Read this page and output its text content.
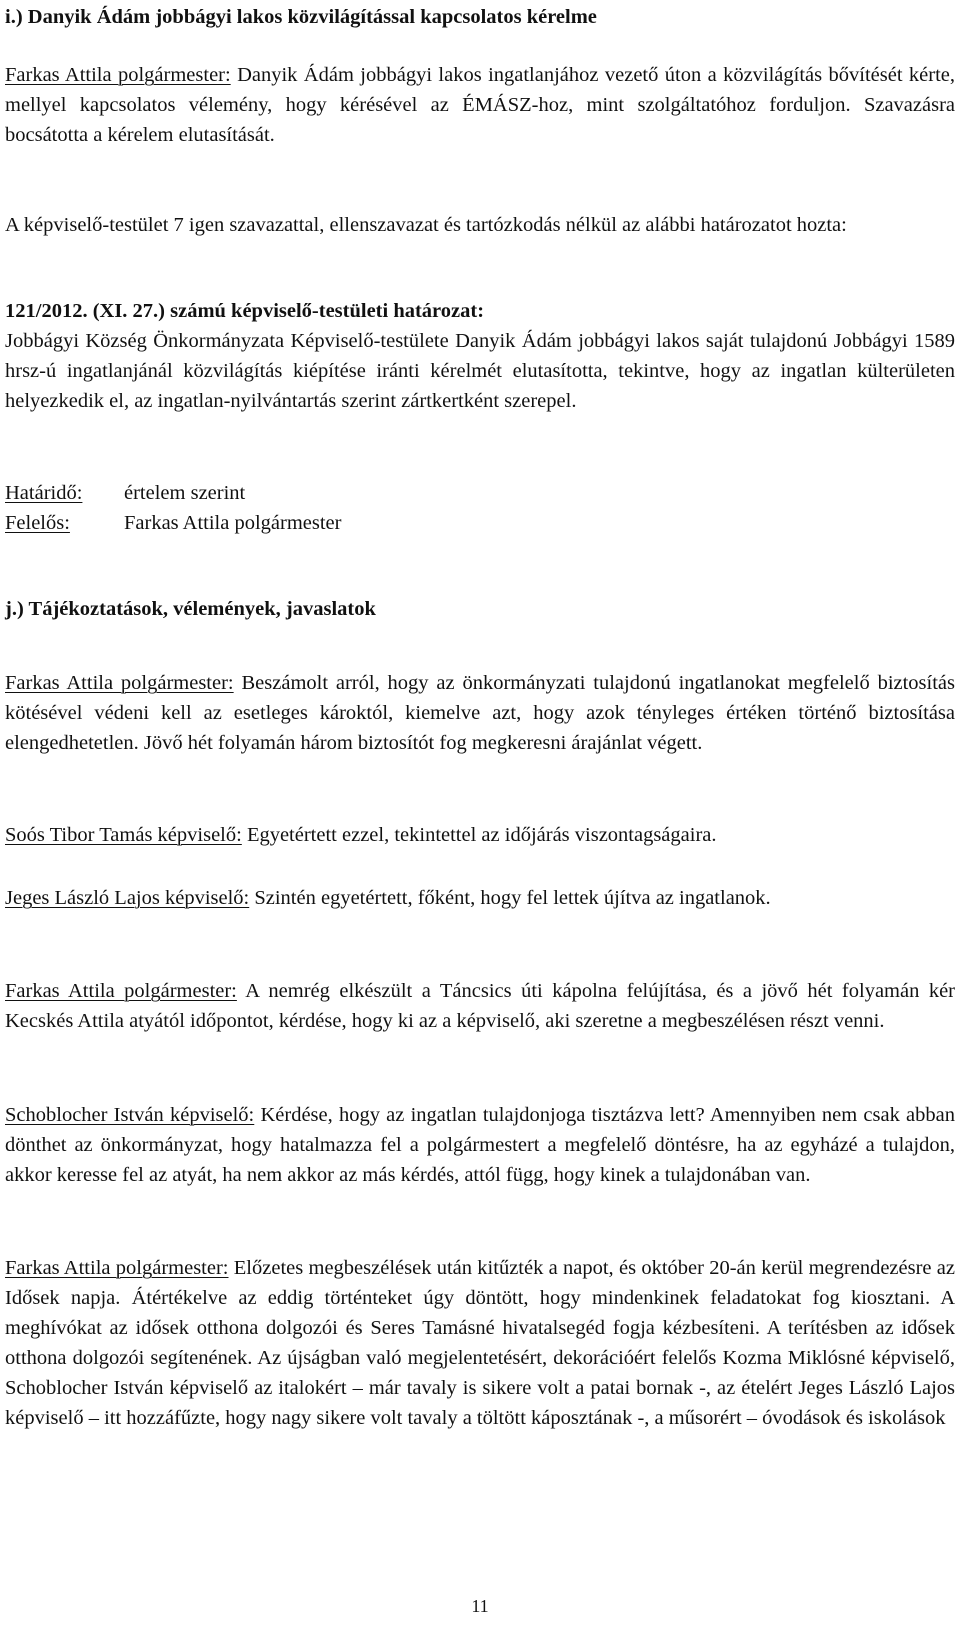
i.) Danyik Ádám jobbágyi lakos közvilágítással kapcsolatos kérelme
Farkas Attila polgármester: Danyik Ádám jobbágyi lakos ingatlanjához vezető úton a közvilágítás bővítését kérte, mellyel kapcsolatos vélemény, hogy kérésével az ÉMÁSZ-hoz, mint szolgáltatóhoz forduljon. Szavazásra bocsátotta a kérelem elutasítását.
A képviselő-testület 7 igen szavazattal, ellenszavazat és tartózkodás nélkül az alábbi határozatot hozta:
121/2012. (XI. 27.) számú képviselő-testületi határozat:
Jobbágyi Község Önkormányzata Képviselő-testülete Danyik Ádám jobbágyi lakos saját tulajdonú Jobbágyi 1589 hrsz-ú ingatlanjánál közvilágítás kiépítése iránti kérelmét elutasította, tekintve, hogy az ingatlan külterületen helyezkedik el, az ingatlan-nyilvántartás szerint zártkertként szerepel.
Határidő: értelem szerint
Felelős:	Farkas Attila polgármester
j.) Tájékoztatások, vélemények, javaslatok
Farkas Attila polgármester: Beszámolt arról, hogy az önkormányzati tulajdonú ingatlanokat megfelelő biztosítás kötésével védeni kell az esetleges károktól, kiemelve azt, hogy azok tényleges értéken történő biztosítása elengedhetetlen. Jövő hét folyamán három biztosítót fog megkeresni árajánlat végett.
Soós Tibor Tamás képviselő: Egyetértett ezzel, tekintettel az időjárás viszontagságaira.
Jeges László Lajos képviselő: Szintén egyetértett, főként, hogy fel lettek újítva az ingatlanok.
Farkas Attila polgármester: A nemrég elkészült a Táncsics úti kápolna felújítása, és a jövő hét folyamán kér Kecskés Attila atyától időpontot, kérdése, hogy ki az a képviselő, aki szeretne a megbeszélésen részt venni.
Schoblocher István képviselő: Kérdése, hogy az ingatlan tulajdonjoga tisztázva lett? Amennyiben nem csak abban dönthet az önkormányzat, hogy hatalmazza fel a polgármestert a megfelelő döntésre, ha az egyházé a tulajdon, akkor keresse fel az atyát, ha nem akkor az más kérdés, attól függ, hogy kinek a tulajdonában van.
Farkas Attila polgármester: Előzetes megbeszélések után kitűzték a napot, és október 20-án kerül megrendezésre az Idősek napja. Átértékelve az eddig történteket úgy döntött, hogy mindenkinek feladatokat fog kiosztani. A meghívókat az idősek otthona dolgozói és Seres Tamásné hivatalsegéd fogja kézbesíteni. A terítésben az idősek otthona dolgozói segítenének. Az újságban való megjelentetésért, dekorációért felelős Kozma Miklósné képviselő, Schoblocher István képviselő az italokért – már tavaly is sikere volt a patai bornak -, az ételért Jeges László Lajos képviselő – itt hozzáfűzte, hogy nagy sikere volt tavaly a töltött káposztának -, a műsorért – óvodások és iskolások
11
